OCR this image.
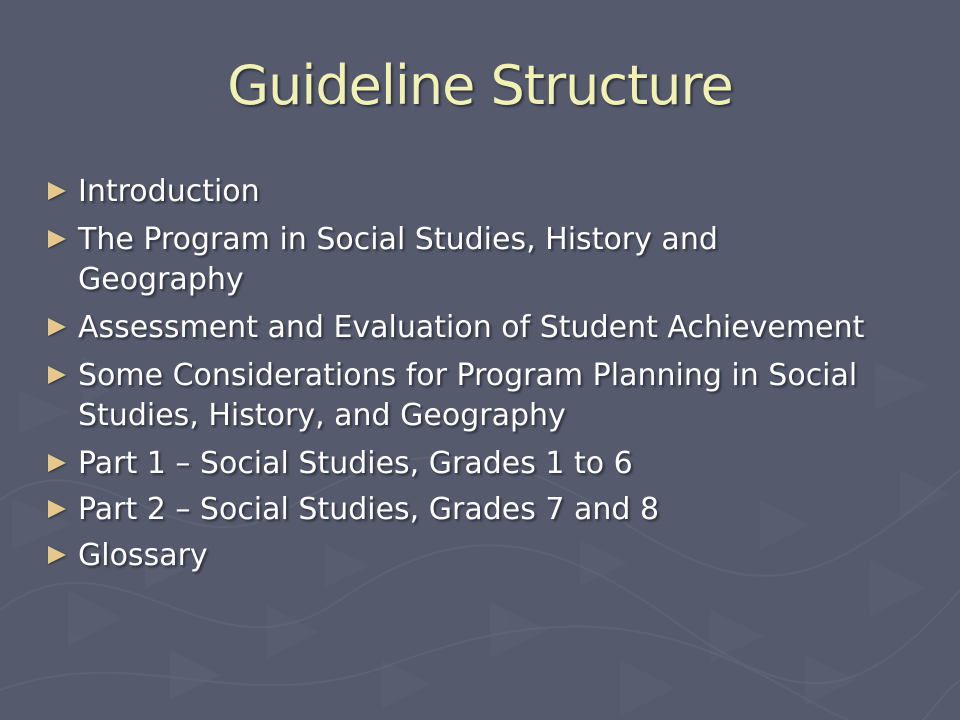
Guideline Structure
Introduction
The Program in Social Studies, History and Geography
Assessment and Evaluation of Student Achievement
Some Considerations for Program Planning in Social Studies, History, and Geography
Part 1 – Social Studies, Grades 1 to 6
Part 2 – Social Studies, Grades 7 and 8
Glossary
